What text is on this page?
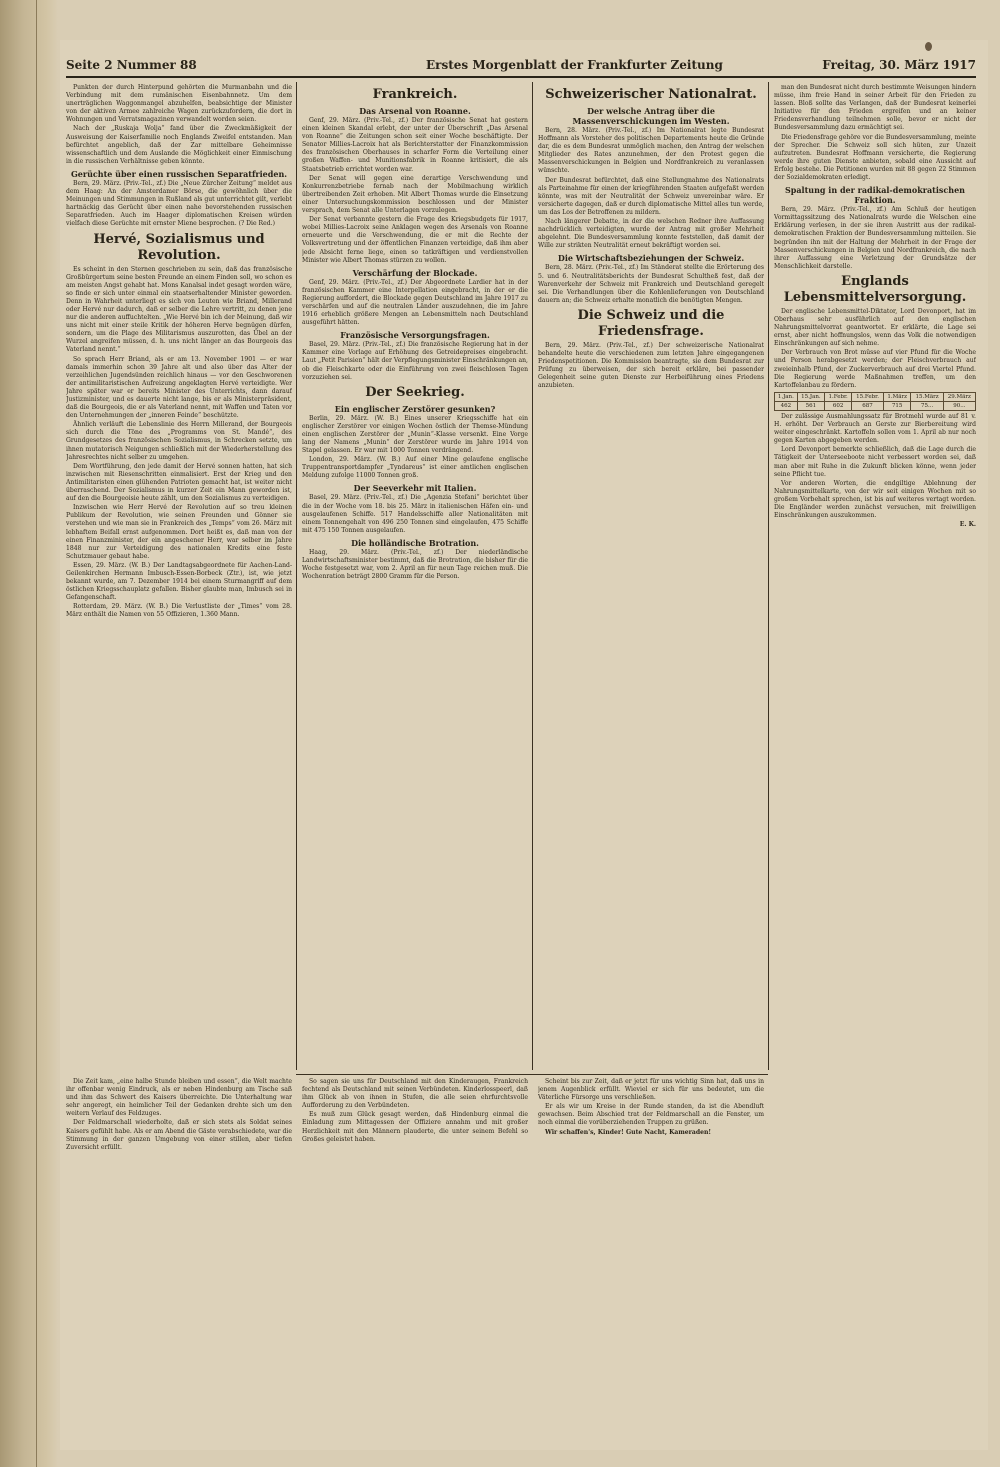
Seite 2 Nummer 88	Erstes Morgenblatt der Frankfurter Zeitung	Freitag, 30. März 1917

Punkten der durch Hinterpund gehörten die Murmanbahn und die Verbindung mit dem rumänischen Eisenbahnnetz. Um dem unerträglichen Waggonmangel abzuhelfen, beabsichtige der Minister von der aktiven Armee zahlreiche Wagen zurückzufordern, die dort in Wohnungen und Verratsmagazinen verwandelt worden seien.

Nach der „Ruskaja Wolja“ fand über die Zweckmäßigkeit der Ausweisung der Kaiserfamilie noch Englands Zweifel entstanden. Man befürchtet angeblich, daß der Zar mittelbare Geheimnisse wissenschaftlich und dem Auslande die Möglichkeit einer Einmischung in die russischen Verhältnisse geben könnte.

Gerüchte über einen russischen Separatfrieden.

Bern, 29. März. (Priv.-Tel., zf.) Die „Neue Zürcher Zeitung“ meldet aus dem Haag: An der Amsterdamer Börse, die gewöhnlich über die Meinungen und Stimmungen in Rußland als gut unterrichtet gilt, verlebt hartnäckig das Gerücht über einen nahe bevorstehenden russischen Separatfrieden. Auch im Haager diplomatischen Kreisen würden vielfach diese Gerüchte mit ernster Miene besprochen. (? Die Red.)

Hervé, Sozialismus und Revolution.

Es scheint in den Sternen geschrieben zu sein, daß das französische Großbürgertum seine besten Freunde an einem Finden soll, wo schon es am meisten Angst gehabt hat. Mons Kanalsal indet gesagt worden wäre, so finde er sich unter einmal ein staatserhaltender Minister geworden. Denn in Wahrheit unterliegt es sich von Leuten wie Briand, Millerand oder Hervé nur dadurch, daß er selber die Lehre vertritt, zu denen jene nur die anderen auffuchtelten. „Wie Hervé bin ich der Meinung, daß wir uns nicht mit einer steile Kritik der höheren Herve begnügen dürfen, sondern, um die Plage des Militarismus auszurotten, das Übel an der Wurzel angreifen müssen, d. h. uns nicht länger an das Bourgeois das Vaterland nennt.“

So sprach Herr Briand, als er am 13. November 1901 — er war damals immerhin schon 39 Jahre alt und also über das Alter der verzeihlichen Jugendsünden reichlich hinaus — vor den Geschworenen der antimilitaristischen Aufreizung angeklagten Hervé verteidigte. Wer Jahre später war er bereits Minister des Unterrichts, dann darauf Justizminister, und es dauerte nicht lange, bis er als Ministerpräsident, daß die Bourgeois, die er als Vaterland nennt, mit Waffen und Taten vor den Unternehmungen der „inneren Feinde“ beschützte.

Ähnlich verläuft die Lebenslinie des Herrn Millerand, der Bourgeois sich durch die Töne des „Programms von St. Mandé“, des Grundgesetzes des französischen Sozialismus, in Schrecken setzte, um ihnen mutatorisch Neigungen schließlich mit der Wiederherstellung des Jahresrechtes nicht selber zu umgehen.

Dem Wortführung, den jede damit der Hervé sonnen hatten, hat sich inzwischen mit Riesenschritten einmalisiert. Erst der Krieg und den Antimilitaristen einen glühenden Patrioten gemacht hat, ist weiter nicht überraschend. Der Sozialismus in kurzer Zeit ein Mann geworden ist, auf den die Bourgeoisie heute zählt, um den Sozialismus zu verteidigen.

Inzwischen wie Herr Hervé der Revolution auf so treu kleinen Publikum der Revolution, wie seinen Freunden und Gönner sie verstehen und wie man sie in Frankreich des „Temps“ vom 26. März mit lebhaftem Beifall ernst aufgenommen. Dort heißt es, daß man von der einen Finanzminister, der ein angeschener Herr, war selber im Jahre 1848 nur zur Verteidigung des nationalen Kredits eine feste Schutzmauer gebaut habe.

Essen, 29. März. (W. B.) Der Landtagsabgeordnete für Aachen-Land-Geilenkirchen Hermann Imbusch-Essen-Borbeck (Ztr.), ist, wie jetzt bekannt wurde, am 7. Dezember 1914 bei einem Sturmangriff auf dem östlichen Kriegsschauplatz gefallen. Bisher glaubte man, Imbusch sei in Gefangenschaft.

Rotterdam, 29. März. (W. B.) Die Verlustliste der „Times“ vom 28. März enthält die Namen von 55 Offizieren, 1.360 Mann.

Frankreich.
Das Arsenal von Roanne.

Genf, 29. März. (Priv.-Tel., zf.) Der französische Senat hat gestern einen kleinen Skandal erlebt, der unter der Überschrift „Das Arsenal von Roanne“ die Zeitungen schon seit einer Woche beschäftigte. Der Senator Millies-Lacroix hat als Berichterstatter der Finanzkommission des französischen Oberhauses in scharfer Form die Verteilung einer großen Waffen- und Munitionsfabrik in Roanne kritisiert, die als Staatsbetrieb errichtet worden war.

Der Senat will gegen eine derartige Verschwendung und Konkurrenzbetriebe fernab nach der Mobilmachung wirklich übertreibenden Zeit erhoben. Mit Albert Thomas wurde die Einsetzung einer Untersuchungskommission beschlossen und der Minister versprach, dem Senat alle Unterlagen vorzulegen.

Der Senat verbannte gestern die Frage des Kriegsbudgets für 1917, wobei Millies-Lacroix seine Anklagen wegen des Arsenals von Roanne erneuerte und die Verschwendung, die er mit die Rechte der Volksvertretung und der öffentlichen Finanzen verteidige, daß ihm aber jede Absicht ferne liege, einen so tatkräftigen und verdienstvollen Minister wie Albert Thomas stürzen zu wollen.

Verschärfung der Blockade.

Genf, 29. März. (Priv.-Tel., zf.) Der Abgeordnete Lardier hat in der französischen Kammer eine Interpellation eingebracht, in der er die Regierung auffordert, die Blockade gegen Deutschland im Jahre 1917 zu verschärfen und auf die neutralen Länder auszudehnen, die im Jahre 1916 erheblich größere Mengen an Lebensmitteln nach Deutschland ausgeführt hätten.

Französische Versorgungsfragen.

Basel, 29. März. (Priv.-Tel., zf.) Die französische Regierung hat in der Kammer eine Vorlage auf Erhöhung des Getreidepreises eingebracht. Laut „Petit Parisien“ hält der Verpflegungsminister Einschränkungen an, ob die Fleischkarte oder die Einführung von zwei fleischlosen Tagen vorzuziehen sei.

Der Seekrieg.
Ein englischer Zerstörer gesunken?

Berlin, 29. März. (W. B.) Eines unserer Kriegsschiffe hat ein englischer Zerstörer vor einigen Wochen östlich der Themse-Mündung einen englischen Zerstörer der „Munin“-Klasse versenkt. Eine Vorge lang der Namens „Munin“ der Zerstörer wurde im Jahre 1914 von Stapel gelassen. Er war mit 1000 Tonnen verdrängend.

London, 29. März. (W. B.) Auf einer Mine gelaufene englische Truppentransportdampfer „Tyndareus“ ist einer amtlichen englischen Meldung zufolge 11000 Tonnen groß.

Der Seeverkehr mit Italien.

Basel, 29. März. (Priv.-Tel., zf.) Die „Agenzia Stefani“ berichtet über die in der Woche vom 18. bis 25. März in italienischen Häfen ein- und ausgelaufenen Schiffe. 517 Handelsschiffe aller Nationalitäten mit einem Tonnengehalt von 496 250 Tonnen sind eingelaufen, 475 Schiffe mit 475 150 Tonnen ausgelaufen.

Die holländische Brotration.

Haag, 29. März. (Priv.-Tel., zf.) Der niederländische Landwirtschaftsminister bestimmt, daß die Brotration, die bisher für die Woche festgesetzt war, vom 2. April an für neun Tage reichen muß. Die Wochenration beträgt 2800 Gramm für die Person.

Schweizerischer Nationalrat.
Der welsche Antrag über die Massenverschickungen im Westen.

Bern, 28. März. (Priv.-Tel., zf.) Im Nationalrat legte Bundesrat Hoffmann als Vorsteher des politischen Departements heute die Gründe dar, die es dem Bundesrat unmöglich machen, den Antrag der welschen Mitglieder des Rates anzunehmen, der den Protest gegen die Massenverschickungen in Belgien und Nordfrankreich zu veranlassen wünschte.

Der Bundesrat befürchtet, daß eine Stellungnahme des Nationalrats als Parteinahme für einen der kriegführenden Staaten aufgefaßt werden könnte, was mit der Neutralität der Schweiz unvereinbar wäre. Er versicherte dagegen, daß er durch diplomatische Mittel alles tun werde, um das Los der Betroffenen zu mildern.

Nach längerer Debatte, in der die welschen Redner ihre Auffassung nachdrücklich verteidigten, wurde der Antrag mit großer Mehrheit abgelehnt. Die Bundesversammlung konnte feststellen, daß damit der Wille zur strikten Neutralität erneut bekräftigt worden sei.

Die Wirtschaftsbeziehungen der Schweiz.

Bern, 28. März. (Priv.-Tel., zf.) Im Ständerat stellte die Erörterung des 5. und 6. Neutralitätsberichts der Bundesrat Schultheß fest, daß der Warenverkehr der Schweiz mit Frankreich und Deutschland geregelt sei. Die Verhandlungen über die Kohlenlieferungen von Deutschland dauern an; die Schweiz erhalte monatlich die benötigten Mengen.

Die Schweiz und die Friedensfrage.

Bern, 29. März. (Priv.-Tel., zf.) Der schweizerische Nationalrat behandelte heute die verschiedenen zum letzten Jahre eingegangenen Friedenspetitionen. Die Kommission beantragte, sie dem Bundesrat zur Prüfung zu überweisen, der sich bereit erkläre, bei passender Gelegenheit seine guten Dienste zur Herbeiführung eines Friedens anzubieten.

man den Bundesrat nicht durch bestimmte Weisungen hindern müsse, ihm freie Hand in seiner Arbeit für den Frieden zu lassen. Bloß sollte das Verlangen, daß der Bundesrat keinerlei Initiative für den Frieden ergreifen und an keiner Friedensverhandlung teilnehmen solle, bevor er nicht der Bundesversammlung dazu ermächtigt sei.

Die Friedensfrage gehöre vor die Bundesversammlung, meinte der Sprecher. Die Schweiz soll sich hüten, zur Unzeit aufzutreten. Bundesrat Hoffmann versicherte, die Regierung werde ihre guten Dienste anbieten, sobald eine Aussicht auf Erfolg bestehe. Die Petitionen wurden mit 88 gegen 22 Stimmen der Sozialdemokraten erledigt.

Spaltung in der radikal-demokratischen Fraktion.

Bern, 29. März. (Priv.-Tel., zf.) Am Schluß der heutigen Vormittagssitzung des Nationalrats wurde die Welschen eine Erklärung verlesen, in der sie ihren Austritt aus der radikal-demokratischen Fraktion der Bundesversammlung mitteilen. Sie begründen ihn mit der Haltung der Mehrheit in der Frage der Massenverschickungen in Belgien und Nordfrankreich, die nach ihrer Auffassung eine Verletzung der Grundsätze der Menschlichkeit darstelle.

Englands Lebensmittelversorgung.

Der englische Lebensmittel-Diktator, Lord Devonport, hat im Oberhaus sehr ausführlich auf den englischen Nahrungsmittelvorrat geantwortet. Er erklärte, die Lage sei ernst, aber nicht hoffnungslos, wenn das Volk die notwendigen Einschränkungen auf sich nehme.

Der Verbrauch von Brot müsse auf vier Pfund für die Woche und Person herabgesetzt werden; der Fleischverbrauch auf zweieinhalb Pfund, der Zuckerverbrauch auf drei Viertel Pfund. Die Regierung werde Maßnahmen treffen, um den Kartoffelanbau zu fördern.

1.Jan.	15.Jan.	1.Febr.	15.Febr.	1.März	15.März	29.März
462	561	602	687	715	75...	90...

Der zulässige Ausmahlungssatz für Brotmehl wurde auf 81 v. H. erhöht. Der Verbrauch an Gerste zur Bierbereitung wird weiter eingeschränkt. Kartoffeln sollen vom 1. April ab nur noch gegen Karten abgegeben werden.

Lord Devonport bemerkte schließlich, daß die Lage durch die Tätigkeit der Unterseeboote nicht verbessert worden sei, daß man aber mit Ruhe in die Zukunft blicken könne, wenn jeder seine Pflicht tue.

Vor anderen Worten, die endgiltige Ablehnung der Nahrungsmittelkarte, von der wir seit einigen Wochen mit so großem Vorbehalt sprechen, ist bis auf weiteres vertagt worden. Die Engländer werden zunächst versuchen, mit freiwilligen Einschränkungen auszukommen.

E. K.

Die Zeit kam, „eine halbe Stunde bleiben und essen“, die Welt machte ihr offenbar wenig Eindruck, als er neben Hindenburg am Tische saß und ihm das Schwert des Kaisers überreichte. Die Unterhaltung war sehr angeregt, ein heimlicher Teil der Gedanken drehte sich um den weitern Verlauf des Feldzuges.

Der Feldmarschall wiederholte, daß er sich stets als Soldat seines Kaisers gefühlt habe. Als er am Abend die Gäste verabschiedete, war die Stimmung in der ganzen Umgebung von einer stillen, aber tiefen Zuversicht erfüllt.

So sagen sie uns für Deutschland mit den Kinderaugen, Frankreich fechtend als Deutschland mit seinen Verbündeten. Kinderlosspeerl, daß ihm Glück ab von ihnen in Stufen, die alle seien ehrfurchtsvolle Aufforderung zu den Verbündeten.

Es muß zum Glück gesagt werden, daß Hindenburg einmal die Einladung zum Mittagessen der Offiziere annahm und mit großer Herzlichkeit mit den Männern plauderte, die unter seinem Befehl so Großes geleistet haben.

Scheint bis zur Zeit, daß er jetzt für uns wichtig Sinn hat, daß uns in jenem Augenblick erfüllt. Wieviel er sich für uns bedeutet, um die Väterliche Fürsorge uns verschließen.

Er als wir um Kreise in der Runde standen, da ist die Abendluft gewachsen. Beim Abschied trat der Feldmarschall an die Fenster, um noch einmal die vorüberziehenden Truppen zu grüßen.

Wir schaffen's, Kinder! Gute Nacht, Kameraden!
